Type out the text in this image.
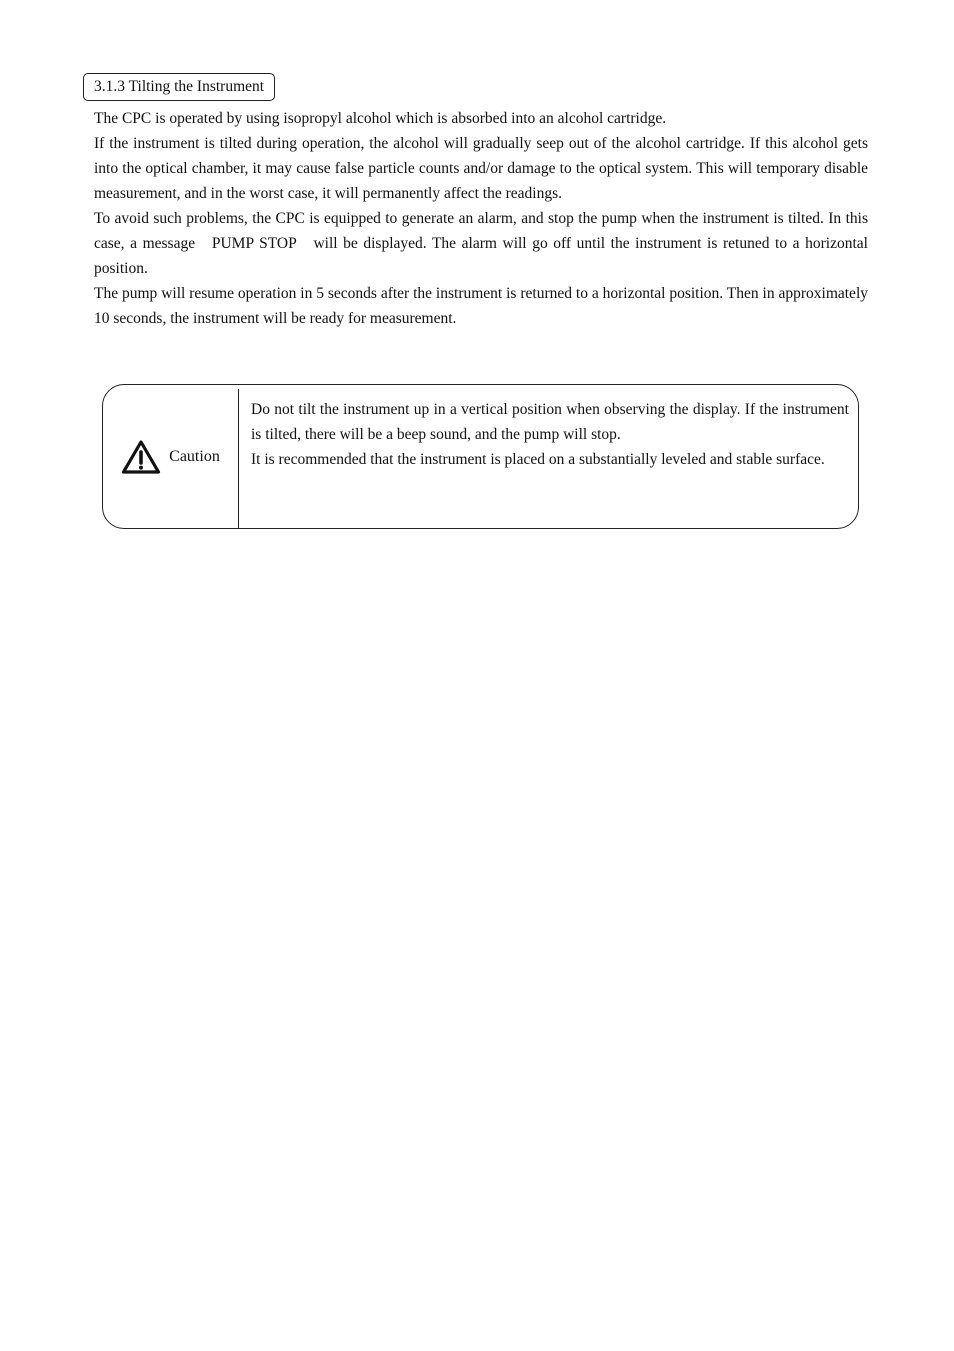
3.1.3 Tilting the Instrument

The CPC is operated by using isopropyl alcohol which is absorbed into an alcohol cartridge.

If the instrument is tilted during operation, the alcohol will gradually seep out of the alcohol cartridge. If this alcohol gets into the optical chamber, it may cause false particle counts and/or damage to the optical system. This will temporary disable measurement, and in the worst case, it will permanently affect the readings.

To avoid such problems, the CPC is equipped to generate an alarm, and stop the pump when the instrument is tilted. In this case, a message   PUMP STOP   will be displayed. The alarm will go off until the instrument is retuned to a horizontal position.

The pump will resume operation in 5 seconds after the instrument is returned to a horizontal position. Then in approximately 10 seconds, the instrument will be ready for measurement.

Caution

Do not tilt the instrument up in a vertical position when observing the display. If the instrument is tilted, there will be a beep sound, and the pump will stop.

It is recommended that the instrument is placed on a substantially leveled and stable surface.
